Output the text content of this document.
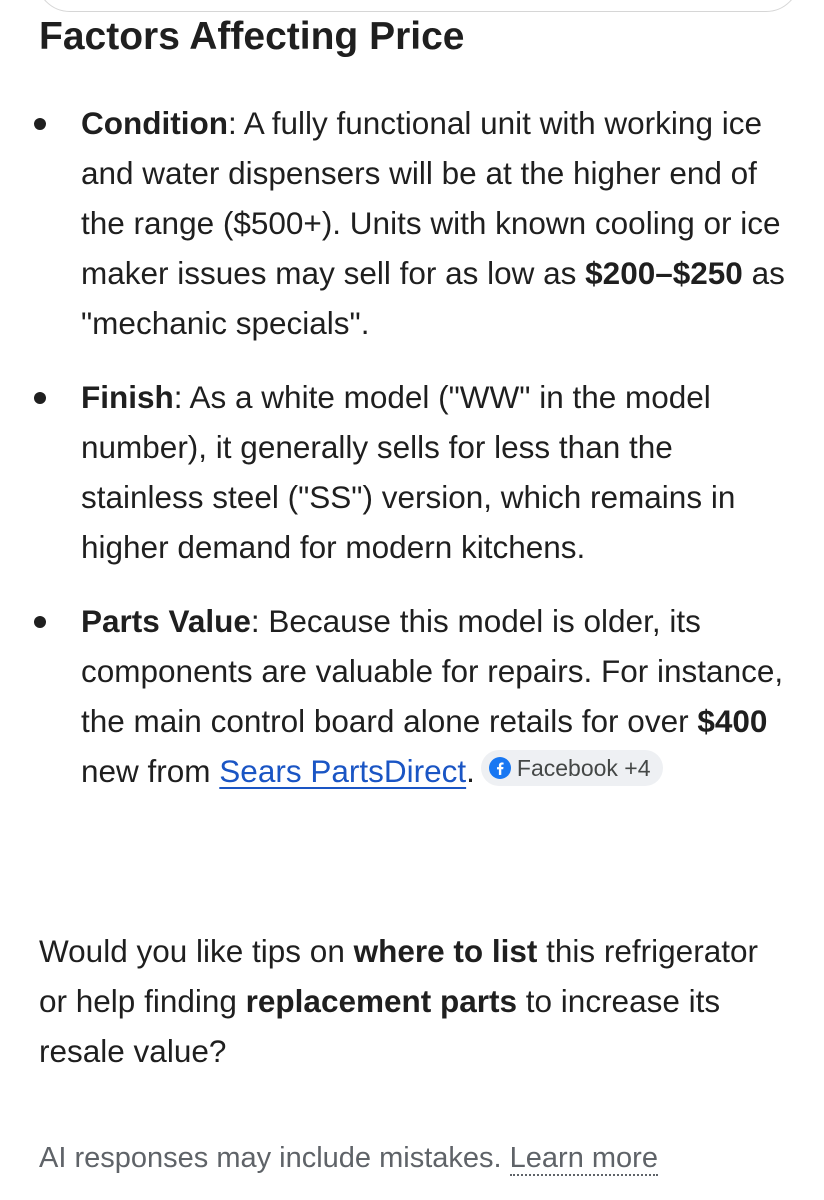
Factors Affecting Price
Condition: A fully functional unit with working ice and water dispensers will be at the higher end of the range ($500+). Units with known cooling or ice maker issues may sell for as low as $200–$250 as "mechanic specials".
Finish: As a white model ("WW" in the model number), it generally sells for less than the stainless steel ("SS") version, which remains in higher demand for modern kitchens.
Parts Value: Because this model is older, its components are valuable for repairs. For instance, the main control board alone retails for over $400 new from Sears PartsDirect. Facebook +4

Would you like tips on where to list this refrigerator or help finding replacement parts to increase its resale value?

AI responses may include mistakes. Learn more
